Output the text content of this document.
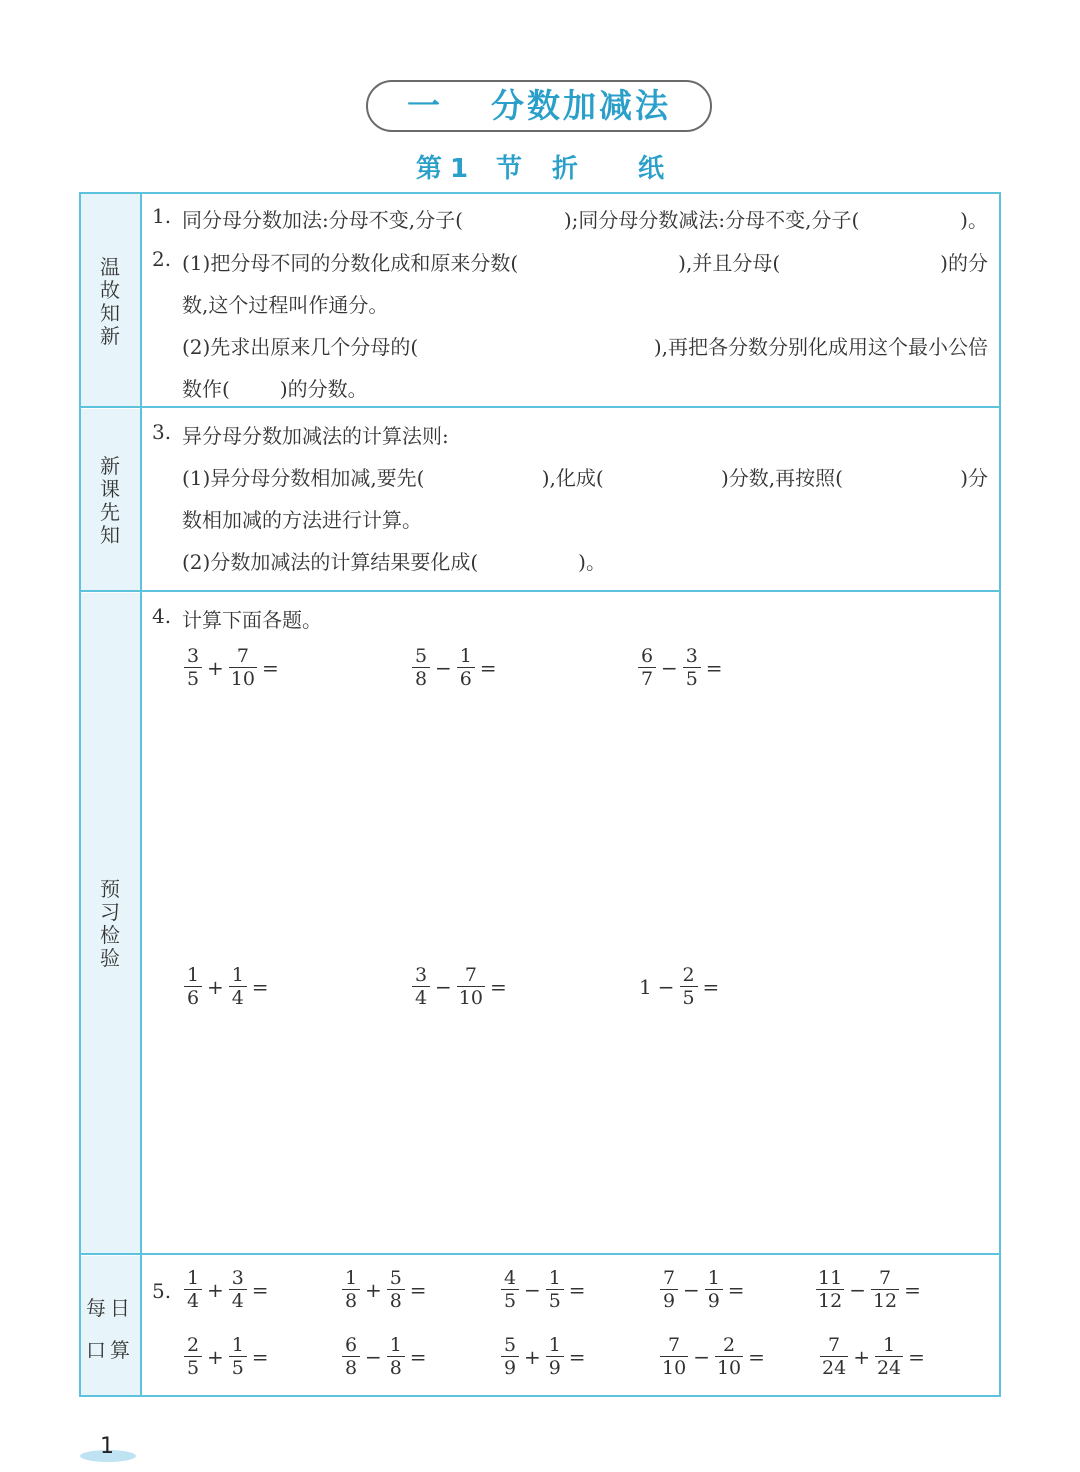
一 分数加减法
第 1 节 折纸
温
故
知
新
新
课
先
知
预
习
检
验
每日
口算
1. 同分母分数加法:分母不变,分子(	);同分母分数减法:分母不变,分子(	)。
2. (1)把分母不同的分数化成和原来分数(	),并且分母(	)的分
数,这个过程叫作通分。
(2)先求出原来几个分母的(	),再把各分数分别化成用这个最小公倍
数作(	)的分数。
3. 异分母分数加减法的计算法则:
(1)异分母分数相加减,要先(	),化成(	)分数,再按照(	)分
数相加减的方法进行计算。
(2)分数加减法的计算结果要化成(	)。
4. 计算下面各题。
$\frac{3}{5} + \frac{7}{10}$ =	$\frac{5}{8} - \frac{1}{6}$ =	$\frac{6}{7} - \frac{3}{5}$ =
$\frac{1}{6} + \frac{1}{4}$ =	$\frac{3}{4} - \frac{7}{10}$ =	$1 - \frac{2}{5}$ =
5. $\frac{1}{4} + \frac{3}{4}$ =	$\frac{1}{8} + \frac{5}{8}$ =	$\frac{4}{5} - \frac{1}{5}$ =	$\frac{7}{9} - \frac{1}{9}$ =	$\frac{11}{12} - \frac{7}{12}$ =
$\frac{2}{5} + \frac{1}{5}$ =	$\frac{6}{8} - \frac{1}{8}$ =	$\frac{5}{9} + \frac{1}{9}$ =	$\frac{7}{10} - \frac{2}{10}$ =	$\frac{7}{24} + \frac{1}{24}$ =
1
